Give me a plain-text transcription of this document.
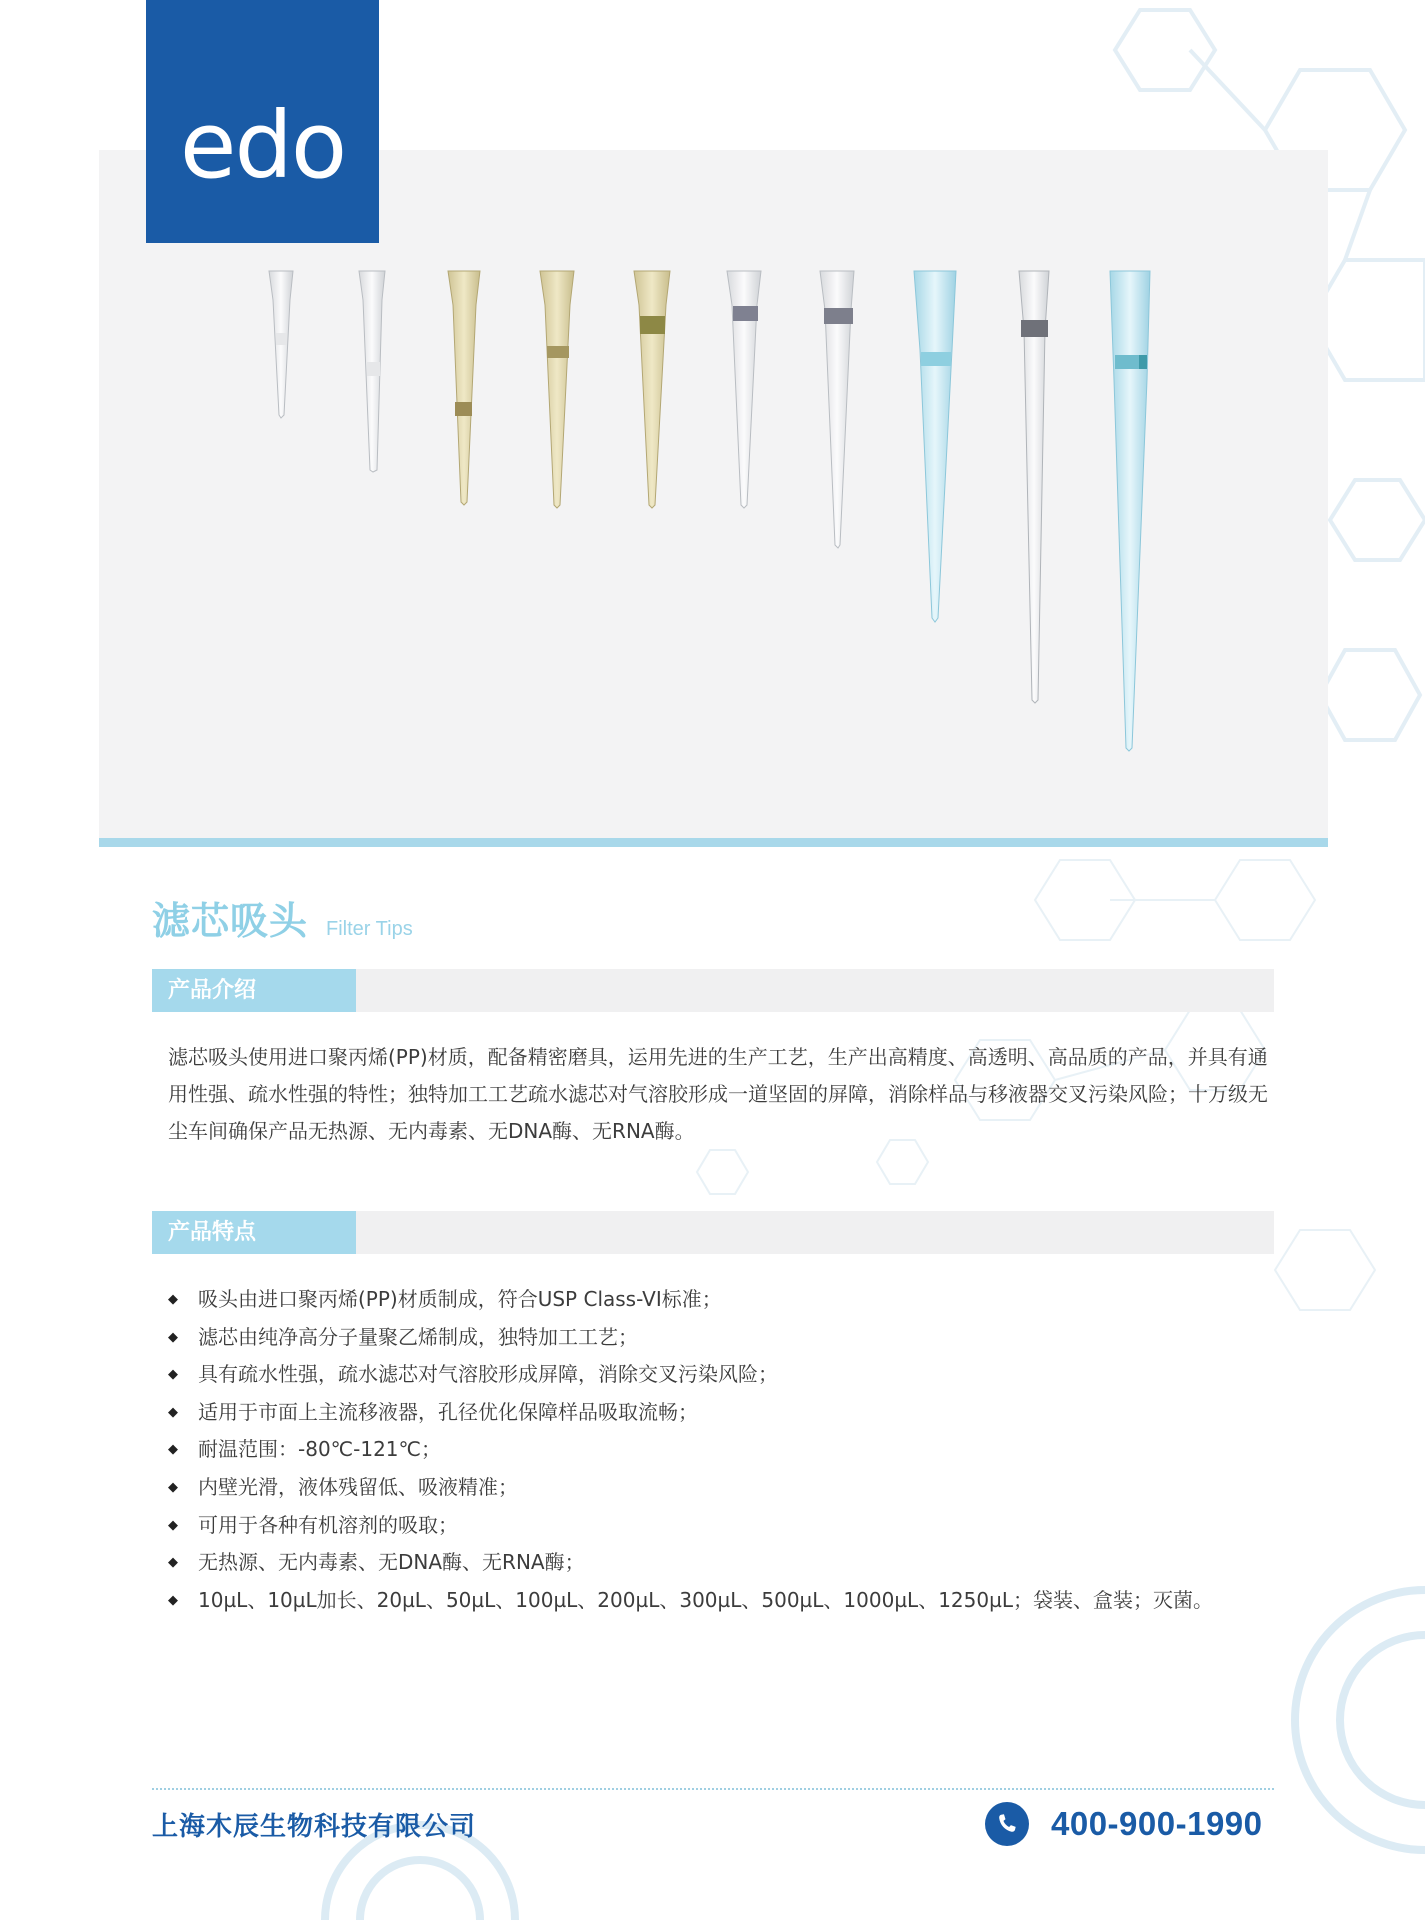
edo
滤芯吸头 Filter Tips
产品介绍

滤芯吸头使用进口聚丙烯(PP)材质，配备精密磨具，运用先进的生产工艺，生产出高精度、高透明、高品质的产品，并具有通用性强、疏水性强的特性；独特加工工艺疏水滤芯对气溶胶形成一道坚固的屏障，消除样品与移液器交叉污染风险；十万级无尘车间确保产品无热源、无内毒素、无DNA酶、无RNA酶。

产品特点
◆ 吸头由进口聚丙烯(PP)材质制成，符合USP Class-VI标准；
◆ 滤芯由纯净高分子量聚乙烯制成，独特加工工艺；
◆ 具有疏水性强，疏水滤芯对气溶胶形成屏障，消除交叉污染风险；
◆ 适用于市面上主流移液器，孔径优化保障样品吸取流畅；
◆ 耐温范围：-80℃-121℃；
◆ 内壁光滑，液体残留低、吸液精准；
◆ 可用于各种有机溶剂的吸取；
◆ 无热源、无内毒素、无DNA酶、无RNA酶；
◆ 10µL、10µL加长、20µL、50µL、100µL、200µL、300µL、500µL、1000µL、1250µL；袋装、盒装；灭菌。
上海木辰生物科技有限公司	400-900-1990
